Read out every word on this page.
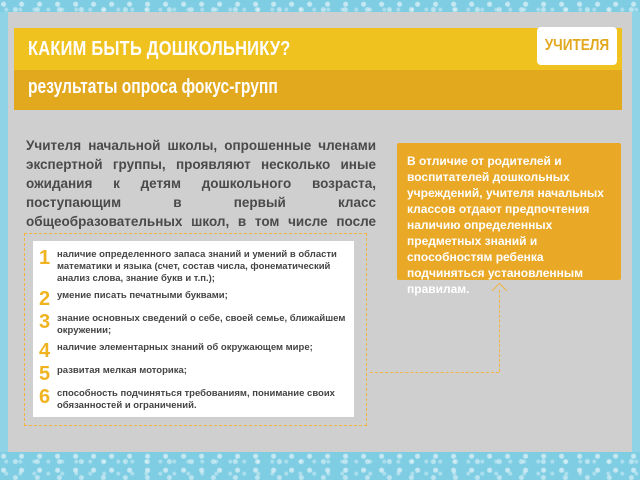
КАКИМ БЫТЬ ДОШКОЛЬНИКУ?	УЧИТЕЛЯ
результаты опроса фокус-групп

Учителя начальной школы, опрошенные членами экспертной группы, проявляют несколько иные ожидания к детям дошкольного возраста, поступающим в первый класс общеобразовательных школ, в том числе после

1 наличие определенного запаса знаний и умений в области математики и языка (счет, состав числа, фонематический анализ слова, знание букв и т.п.);
2 умение писать печатными буквами;
3 знание основных сведений о себе, своей семье, ближайшем окружении;
4 наличие элементарных знаний об окружающем мире;
5 развитая мелкая моторика;
6 способность подчиняться требованиям, понимание своих обязанностей и ограничений.

В отличие от родителей и воспитателей дошкольных учреждений, учителя начальных классов отдают предпочтения наличию определенных предметных знаний и способностям ребенка подчиняться установленным правилам.
